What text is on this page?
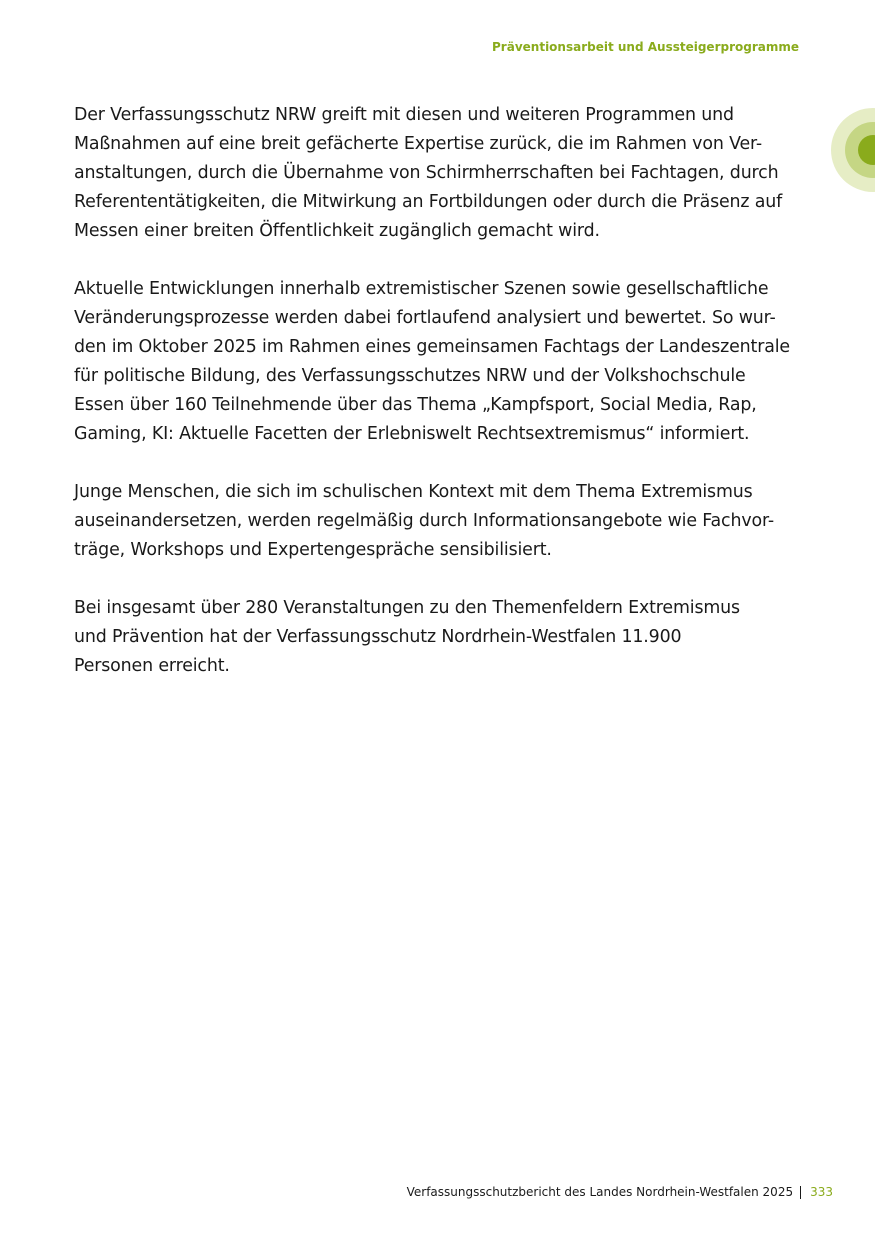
Präventionsarbeit und Aussteigerprogramme

Der Verfassungsschutz NRW greift mit diesen und weiteren Programmen und
Maßnahmen auf eine breit gefächerte Expertise zurück, die im Rahmen von Ver-
anstaltungen, durch die Übernahme von Schirmherrschaften bei Fachtagen, durch
Referententätigkeiten, die Mitwirkung an Fortbildungen oder durch die Präsenz auf
Messen einer breiten Öffentlichkeit zugänglich gemacht wird.

Aktuelle Entwicklungen innerhalb extremistischer Szenen sowie gesellschaftliche
Veränderungsprozesse werden dabei fortlaufend analysiert und bewertet. So wur-
den im Oktober 2025 im Rahmen eines gemeinsamen Fachtags der Landeszentrale
für politische Bildung, des Verfassungsschutzes NRW und der Volkshochschule
Essen über 160 Teilnehmende über das Thema „Kampfsport, Social Media, Rap,
Gaming, KI: Aktuelle Facetten der Erlebniswelt Rechtsextremismus“ informiert.

Junge Menschen, die sich im schulischen Kontext mit dem Thema Extremismus
auseinandersetzen, werden regelmäßig durch Informationsangebote wie Fachvor-
träge, Workshops und Expertengespräche sensibilisiert.

Bei insgesamt über 280 Veranstaltungen zu den Themenfeldern Extremismus
und Prävention hat der Verfassungsschutz Nordrhein-Westfalen 11.900
Personen erreicht.

Verfassungsschutzbericht des Landes Nordrhein-Westfalen 2025 333
